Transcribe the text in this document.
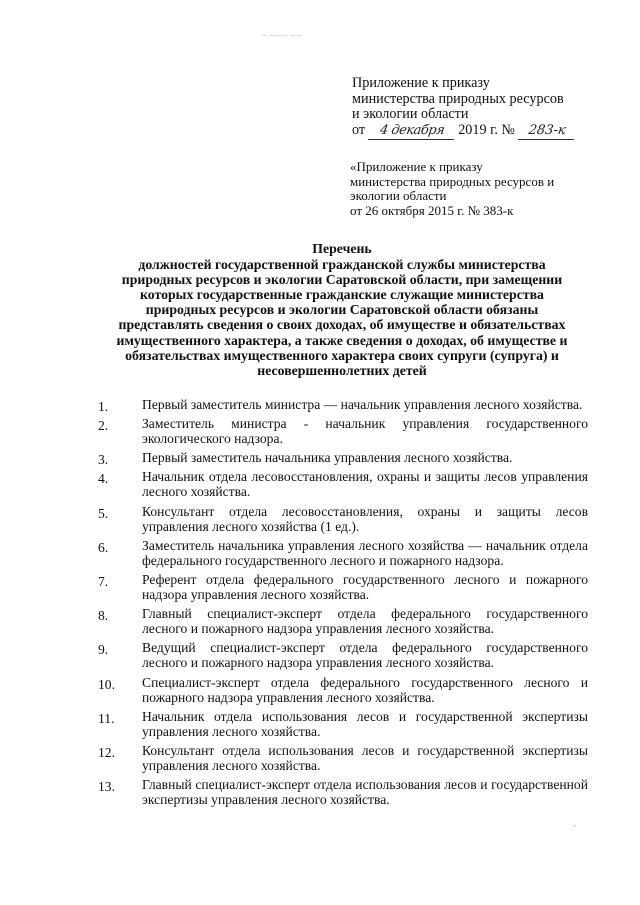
— ——— ——
Приложение к приказу
министерства природных ресурсов
и экологии области
от 4 декабря 2019 г. № 283-к
«Приложение к приказу
министерства природных ресурсов и
экологии области
от 26 октября 2015 г. № 383-к
Перечень
должностей государственной гражданской службы министерства
природных ресурсов и экологии Саратовской области, при замещении
которых государственные гражданские служащие министерства
природных ресурсов и экологии Саратовской области обязаны
представлять сведения о своих доходах, об имуществе и обязательствах
имущественного характера, а также сведения о доходах, об имуществе и
обязательствах имущественного характера своих супруги (супруга) и
несовершеннолетних детей
1. Первый заместитель министра — начальник управления лесного хозяйства.
2. Заместитель министра - начальник управления государственного экологического надзора.
3. Первый заместитель начальника управления лесного хозяйства.
4. Начальник отдела лесовосстановления, охраны и защиты лесов управления лесного хозяйства.
5. Консультант отдела лесовосстановления, охраны и защиты лесов управления лесного хозяйства (1 ед.).
6. Заместитель начальника управления лесного хозяйства — начальник отдела федерального государственного лесного и пожарного надзора.
7. Референт отдела федерального государственного лесного и пожарного надзора управления лесного хозяйства.
8. Главный специалист-эксперт отдела федерального государственного лесного и пожарного надзора управления лесного хозяйства.
9. Ведущий специалист-эксперт отдела федерального государственного лесного и пожарного надзора управления лесного хозяйства.
10. Специалист-эксперт отдела федерального государственного лесного и пожарного надзора управления лесного хозяйства.
11. Начальник отдела использования лесов и государственной экспертизы управления лесного хозяйства.
12. Консультант отдела использования лесов и государственной экспертизы управления лесного хозяйства.
13. Главный специалист-эксперт отдела использования лесов и государственной экспертизы управления лесного хозяйства.
·
